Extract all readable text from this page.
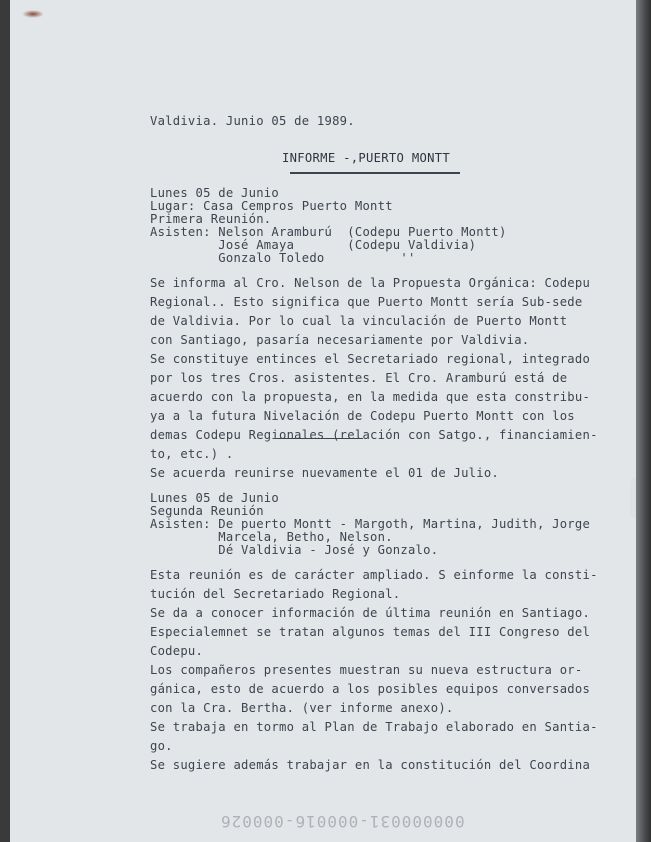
Valdivia. Junio 05 de 1989.
INFORME -,PUERTO MONTT
Lunes 05 de Junio
Lugar: Casa Cempros Puerto Montt
Primera Reunión.
Asisten: Nelson Aramburú  (Codepu Puerto Montt)
José Amaya       (Codepu Valdivia)
Gonzalo Toledo          ''
Se informa al Cro. Nelson de la Propuesta Orgánica: Codepu
Regional.. Esto significa que Puerto Montt sería Sub-sede
de Valdivia. Por lo cual la vinculación de Puerto Montt
con Santiago, pasaría necesariamente por Valdivia.
Se constituye entinces el Secretariado regional, integrado
por los tres Cros. asistentes. El Cro. Aramburú está de
acuerdo con la propuesta, en la medida que esta constribu-
ya a la futura Nivelación de Codepu Puerto Montt con los
demas Codepu Regionales (relación con Satgo., financiamien-
to, etc.) .
Se acuerda reunirse nuevamente el 01 de Julio.
Lunes 05 de Junio
Segunda Reunión
Asisten: De puerto Montt - Margoth, Martina, Judith, Jorge
Marcela, Betho, Nelson.
Dé Valdivia - José y Gonzalo.
Esta reunión es de carácter ampliado. S einforme la consti-
tución del Secretariado Regional.
Se da a conocer información de última reunión en Santiago.
Especialemnet se tratan algunos temas del III Congreso del
Codepu.
Los compañeros presentes muestran su nueva estructura or-
gánica, esto de acuerdo a los posibles equipos conversados
con la Cra. Bertha. (ver informe anexo).
Se trabaja en tormo al Plan de Trabajo elaborado en Santia-
go.
Se sugiere además trabajar en la constitución del Coordina
000000031-000016-000026
